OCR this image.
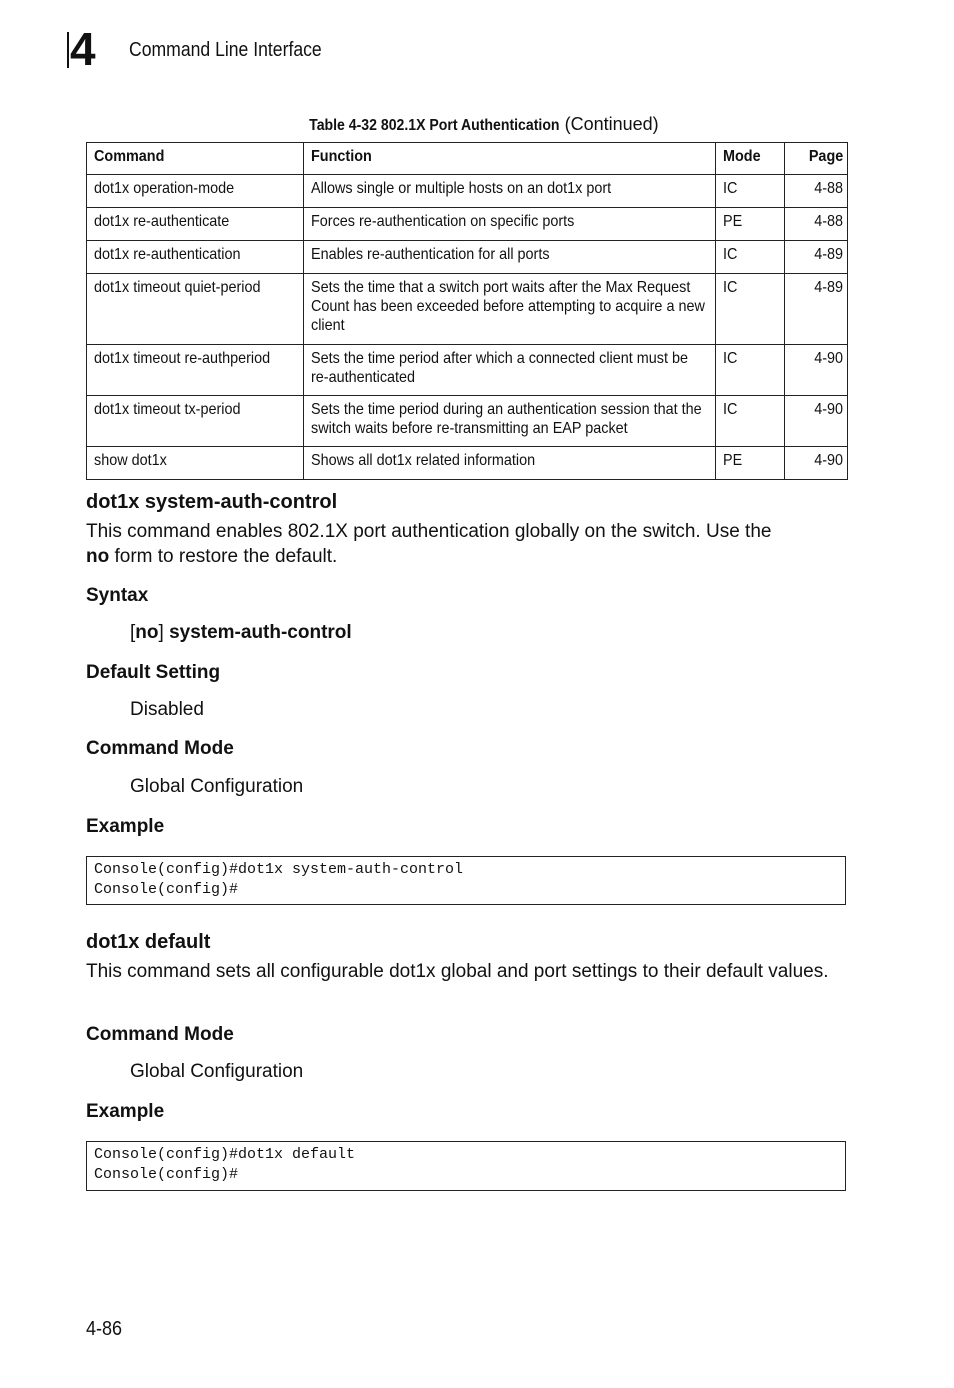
4 Command Line Interface
Table 4-32 802.1X Port Authentication (Continued)
Command	Function	Mode	Page
dot1x operation-mode	Allows single or multiple hosts on an dot1x port	IC	4-88
dot1x re-authenticate	Forces re-authentication on specific ports	PE	4-88
dot1x re-authentication	Enables re-authentication for all ports	IC	4-89
dot1x timeout quiet-period	Sets the time that a switch port waits after the Max Request Count has been exceeded before attempting to acquire a new client	IC	4-89
dot1x timeout re-authperiod	Sets the time period after which a connected client must be re-authenticated	IC	4-90
dot1x timeout tx-period	Sets the time period during an authentication session that the switch waits before re-transmitting an EAP packet	IC	4-90
show dot1x	Shows all dot1x related information	PE	4-90
dot1x system-auth-control
This command enables 802.1X port authentication globally on the switch. Use the
no form to restore the default.
Syntax
[no] system-auth-control
Default Setting
Disabled
Command Mode
Global Configuration
Example
Console(config)#dot1x system-auth-control
Console(config)#
dot1x default
This command sets all configurable dot1x global and port settings to their default values.
Command Mode
Global Configuration
Example
Console(config)#dot1x default
Console(config)#
4-86
